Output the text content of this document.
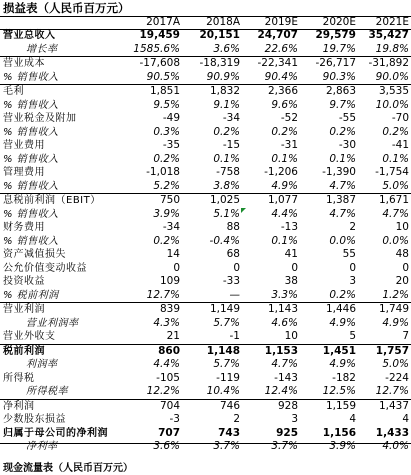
损益表（人民币百万元）
2017A	2018A	2019E	2020E	2021E
营业总收入	19,459	20,151	24,707	29,579	35,427
增长率	1585.6%	3.6%	22.6%	19.7%	19.8%
营业成本	-17,608	-18,319	-22,341	-26,717	-31,892
% 销售收入	90.5%	90.9%	90.4%	90.3%	90.0%
毛利	1,851	1,832	2,366	2,863	3,535
% 销售收入	9.5%	9.1%	9.6%	9.7%	10.0%
营业税金及附加	-49	-34	-52	-55	-70
% 销售收入	0.3%	0.2%	0.2%	0.2%	0.2%
营业费用	-35	-15	-31	-30	-41
% 销售收入	0.2%	0.1%	0.1%	0.1%	0.1%
管理费用	-1,018	-758	-1,206	-1,390	-1,754
% 销售收入	5.2%	3.8%	4.9%	4.7%	5.0%
息税前利润（EBIT）	750	1,025	1,077	1,387	1,671
% 销售收入	3.9%	5.1%	4.4%	4.7%	4.7%
财务费用	-34	88	-13	2	10
% 销售收入	0.2%	-0.4%	0.1%	0.0%	0.0%
资产减值损失	14	68	41	55	48
公允价值变动收益	0	0	0	0	0
投资收益	109	-33	38	3	20
% 税前利润	12.7%	—	3.3%	0.2%	1.2%
营业利润	839	1,149	1,143	1,446	1,749
营业利润率	4.3%	5.7%	4.6%	4.9%	4.9%
营业外收支	21	-1	10	5	7
税前利润	860	1,148	1,153	1,451	1,757
利润率	4.4%	5.7%	4.7%	4.9%	5.0%
所得税	-105	-119	-143	-182	-224
所得税率	12.2%	10.4%	12.4%	12.5%	12.7%
净利润	704	746	928	1,159	1,437
少数股东损益	-3	2	3	4	4
归属于母公司的净利润	707	743	925	1,156	1,433
净利率	3.6%	3.7%	3.7%	3.9%	4.0%
现金流量表（人民币百万元）
